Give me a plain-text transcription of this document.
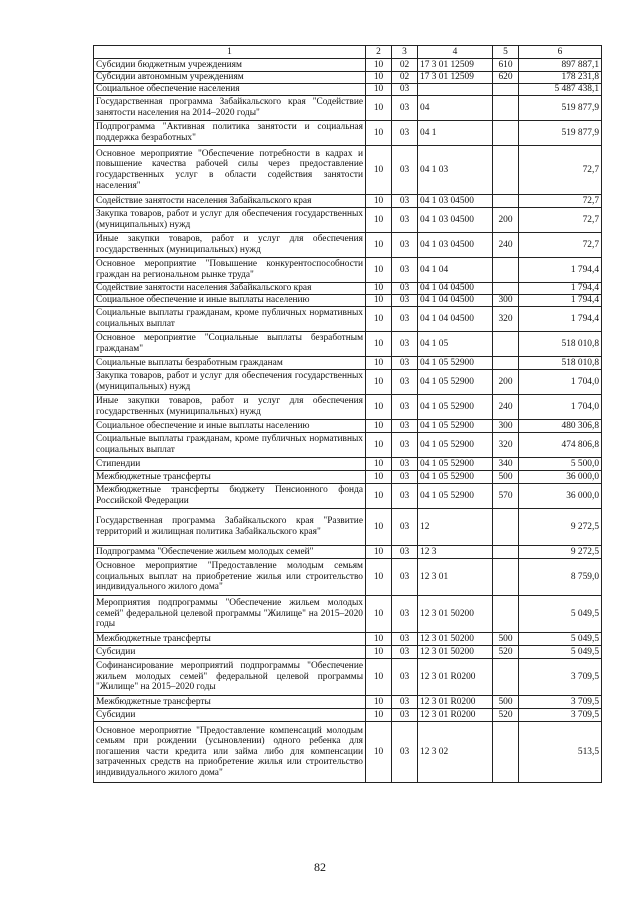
1	2	3	4	5	6
Субсидии бюджетным учреждениям	10	02	17 3 01 12509	610	897 887,1
Субсидии автономным учреждениям	10	02	17 3 01 12509	620	178 231,8
Социальное обеспечение населения	10	03			5 487 438,1
Государственная программа Забайкальского края "Содействие занятости населения на 2014–2020 годы"	10	03	04		519 877,9
Подпрограмма "Активная политика занятости и социальная поддержка безработных"	10	03	04 1		519 877,9
Основное мероприятие "Обеспечение потребности в кадрах и повышение качества рабочей силы через предоставление государственных услуг в области содействия занятости населения"	10	03	04 1 03		72,7
Содействие занятости населения Забайкальского края	10	03	04 1 03 04500		72,7
Закупка товаров, работ и услуг для обеспечения государственных (муниципальных) нужд	10	03	04 1 03 04500	200	72,7
Иные закупки товаров, работ и услуг для обеспечения государственных (муниципальных) нужд	10	03	04 1 03 04500	240	72,7
Основное мероприятие "Повышение конкурентоспособности граждан на региональном рынке труда"	10	03	04 1 04		1 794,4
Содействие занятости населения Забайкальского края	10	03	04 1 04 04500		1 794,4
Социальное обеспечение и иные выплаты населению	10	03	04 1 04 04500	300	1 794,4
Социальные выплаты гражданам, кроме публичных нормативных социальных выплат	10	03	04 1 04 04500	320	1 794,4
Основное мероприятие "Социальные выплаты безработным гражданам"	10	03	04 1 05		518 010,8
Социальные выплаты безработным гражданам	10	03	04 1 05 52900		518 010,8
Закупка товаров, работ и услуг для обеспечения государственных (муниципальных) нужд	10	03	04 1 05 52900	200	1 704,0
Иные закупки товаров, работ и услуг для обеспечения государственных (муниципальных) нужд	10	03	04 1 05 52900	240	1 704,0
Социальное обеспечение и иные выплаты населению	10	03	04 1 05 52900	300	480 306,8
Социальные выплаты гражданам, кроме публичных нормативных социальных выплат	10	03	04 1 05 52900	320	474 806,8
Стипендии	10	03	04 1 05 52900	340	5 500,0
Межбюджетные трансферты	10	03	04 1 05 52900	500	36 000,0
Межбюджетные трансферты бюджету Пенсионного фонда Российской Федерации	10	03	04 1 05 52900	570	36 000,0
Государственная программа Забайкальского края "Развитие территорий и жилищная политика Забайкальского края"	10	03	12		9 272,5
Подпрограмма "Обеспечение жильем молодых семей"	10	03	12 3		9 272,5
Основное мероприятие "Предоставление молодым семьям социальных выплат на приобретение жилья или строительство индивидуального жилого дома"	10	03	12 3 01		8 759,0
Мероприятия подпрограммы "Обеспечение жильем молодых семей" федеральной целевой программы "Жилище" на 2015–2020 годы	10	03	12 3 01 50200		5 049,5
Межбюджетные трансферты	10	03	12 3 01 50200	500	5 049,5
Субсидии	10	03	12 3 01 50200	520	5 049,5
Софинансирование мероприятий подпрограммы "Обеспечение жильем молодых семей" федеральной целевой программы "Жилище" на 2015–2020 годы	10	03	12 3 01 R0200		3 709,5
Межбюджетные трансферты	10	03	12 3 01 R0200	500	3 709,5
Субсидии	10	03	12 3 01 R0200	520	3 709,5
Основное мероприятие "Предоставление компенсаций молодым семьям при рождении (усыновлении) одного ребенка для погашения части кредита или займа либо для компенсации затраченных средств на приобретение жилья или строительство индивидуального жилого дома"	10	03	12 3 02		513,5
82
